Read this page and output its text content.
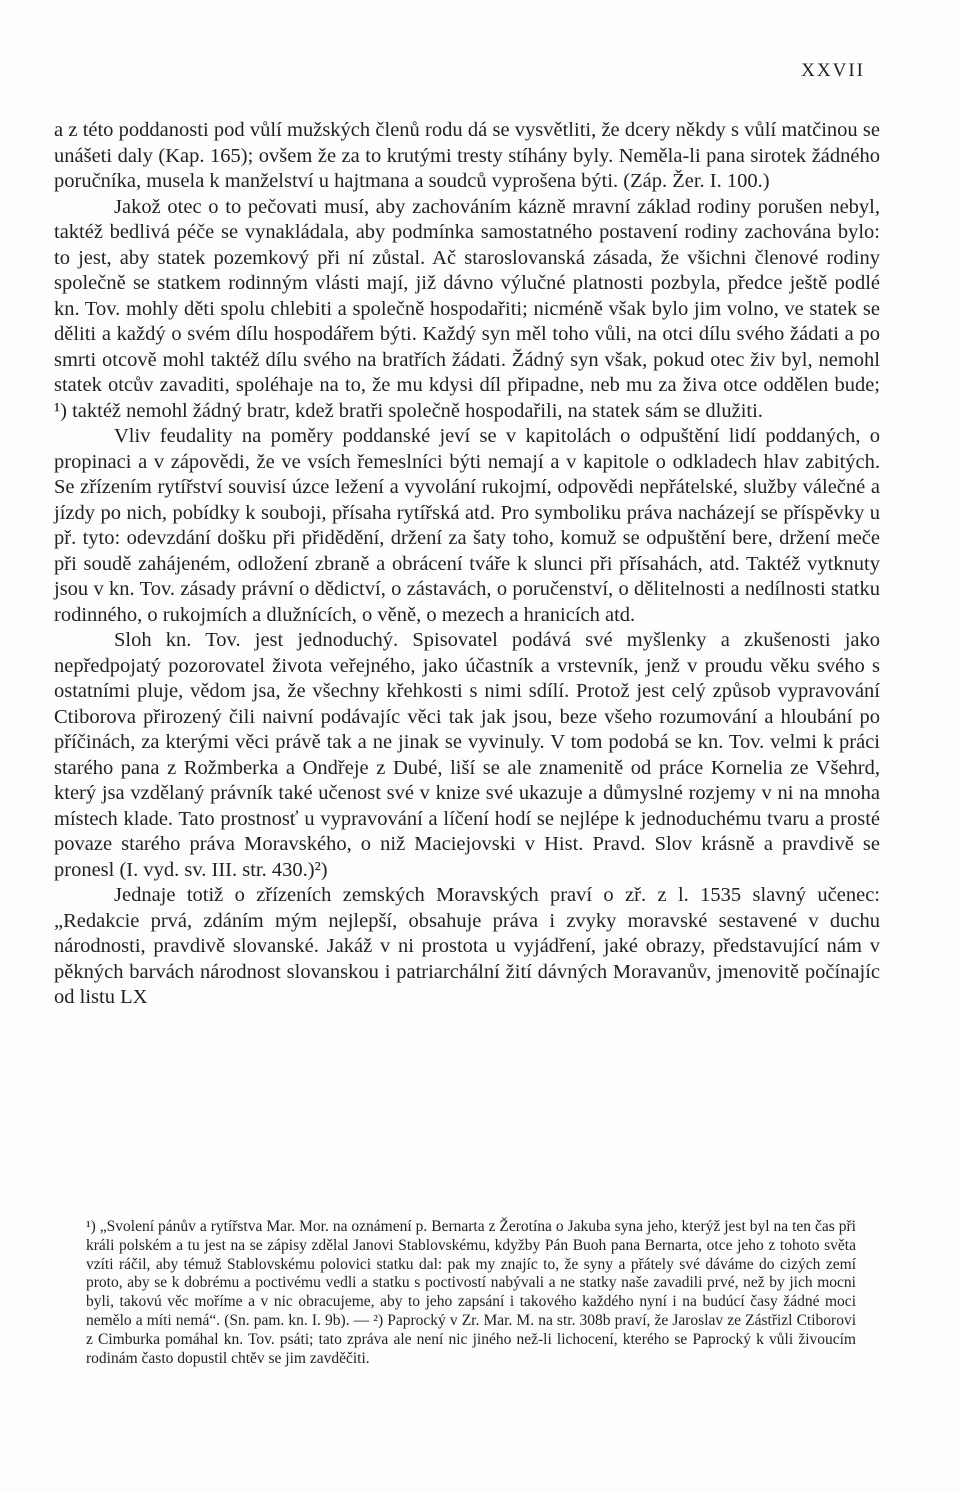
XXVII

a z této poddanosti pod vůlí mužských členů rodu dá se vysvětliti, že dcery někdy s vůlí matčinou se unášeti daly (Kap. 165); ovšem že za to krutými tresty stíhány byly. Neměla-li pana sirotek žádného poručníka, musela k manželství u hajtmana a soudců vyprošena býti. (Záp. Žer. I. 100.)

Jakož otec o to pečovati musí, aby zachováním kázně mravní základ rodiny porušen nebyl, taktéž bedlivá péče se vynakládala, aby podmínka samostatného postavení rodiny zachována bylo: to jest, aby statek pozemkový při ní zůstal. Ač staroslovanská zásada, že všichni členové rodiny společně se statkem rodinným vlásti mají, již dávno výlučné platnosti pozbyla, předce ještě podlé kn. Tov. mohly děti spolu chlebiti a společně hospodařiti; nicméně však bylo jim volno, ve statek se děliti a každý o svém dílu hospodářem býti. Každý syn měl toho vůli, na otci dílu svého žádati a po smrti otcově mohl taktéž dílu svého na bratřích žádati. Žádný syn však, pokud otec živ byl, nemohl statek otcův zavaditi, spoléhaje na to, že mu kdysi díl připadne, neb mu za živa otce oddělen bude; ¹) taktéž nemohl žádný bratr, kdež bratři společně hospodařili, na statek sám se dlužiti.

Vliv feudality na poměry poddanské jeví se v kapitolách o odpuštění lidí poddaných, o propinaci a v zápovědi, že ve vsích řemeslníci býti nemají a v kapitole o odkladech hlav zabitých. Se zřízením rytířství souvisí úzce ležení a vyvolání rukojmí, odpovědi nepřátelské, služby válečné a jízdy po nich, pobídky k souboji, přísaha rytířská atd. Pro symboliku práva nacházejí se příspěvky u př. tyto: odevzdání došku při přidědění, držení za šaty toho, komuž se odpuštění bere, držení meče při soudě zahájeném, odložení zbraně a obrácení tváře k slunci při přísahách, atd. Taktéž vytknuty jsou v kn. Tov. zásady právní o dědictví, o zástavách, o poručenství, o dělitelnosti a nedílnosti statku rodinného, o rukojmích a dlužnících, o věně, o mezech a hranicích atd.

Sloh kn. Tov. jest jednoduchý. Spisovatel podává své myšlenky a zkušenosti jako nepředpojatý pozorovatel života veřejného, jako účastník a vrstevník, jenž v proudu věku svého s ostatními pluje, vědom jsa, že všechny křehkosti s nimi sdílí. Protož jest celý způsob vypravování Ctiborova přirozený čili naivní podávajíc věci tak jak jsou, beze všeho rozumování a hloubání po příčinách, za kterými věci právě tak a ne jinak se vyvinuly. V tom podobá se kn. Tov. velmi k práci starého pana z Rožmberka a Ondřeje z Dubé, liší se ale znamenitě od práce Kornelia ze Všehrd, který jsa vzdělaný právník také učenost své v knize své ukazuje a důmyslné rozjemy v ni na mnoha místech klade. Tato prostnosť u vypravování a líčení hodí se nejlépe k jednoduchému tvaru a prosté povaze starého práva Moravského, o niž Maciejovski v Hist. Pravd. Slov krásně a pravdivě se pronesl (I. vyd. sv. III. str. 430.)²)

Jednaje totiž o zřízeních zemských Moravských praví o zř. z l. 1535 slavný učenec: „Redakcie prvá, zdáním mým nejlepší, obsahuje práva i zvyky moravské sestavené v duchu národnosti, pravdivě slovanské. Jakáž v ni prostota u vyjádření, jaké obrazy, představující nám v pěkných barvách národnost slovanskou i patriarchální žití dávných Moravanův, jmenovitě počínajíc od listu LX

¹) „Svolení pánův a rytířstva Mar. Mor. na oznámení p. Bernarta z Žerotína o Jakuba syna jeho, kterýž jest byl na ten čas při králi polském a tu jest na se zápisy zdělal Janovi Stablovskému, kdyžby Pán Buoh pana Bernarta, otce jeho z tohoto světa vzíti ráčil, aby témuž Stablovskému polovici statku dal: pak my znajíc to, že syny a přátely své dáváme do cizých zemí proto, aby se k dobrému a poctivému vedli a statku s poctivostí nabývali a ne statky naše zavadili prvé, než by jich mocni byli, takovú věc moříme a v nic obracujeme, aby to jeho zapsání i takového každého nyní i na budúcí časy žádné moci nemělo a míti nemá“. (Sn. pam. kn. I. 9b). — ²) Paprocký v Zr. Mar. M. na str. 308b praví, že Jaroslav ze Zástřizl Ctiborovi z Cimburka pomáhal kn. Tov. psáti; tato zpráva ale není nic jiného než-li lichocení, kterého se Paprocký k vůli živoucím rodinám často dopustil chtěv se jim zavděčiti.
